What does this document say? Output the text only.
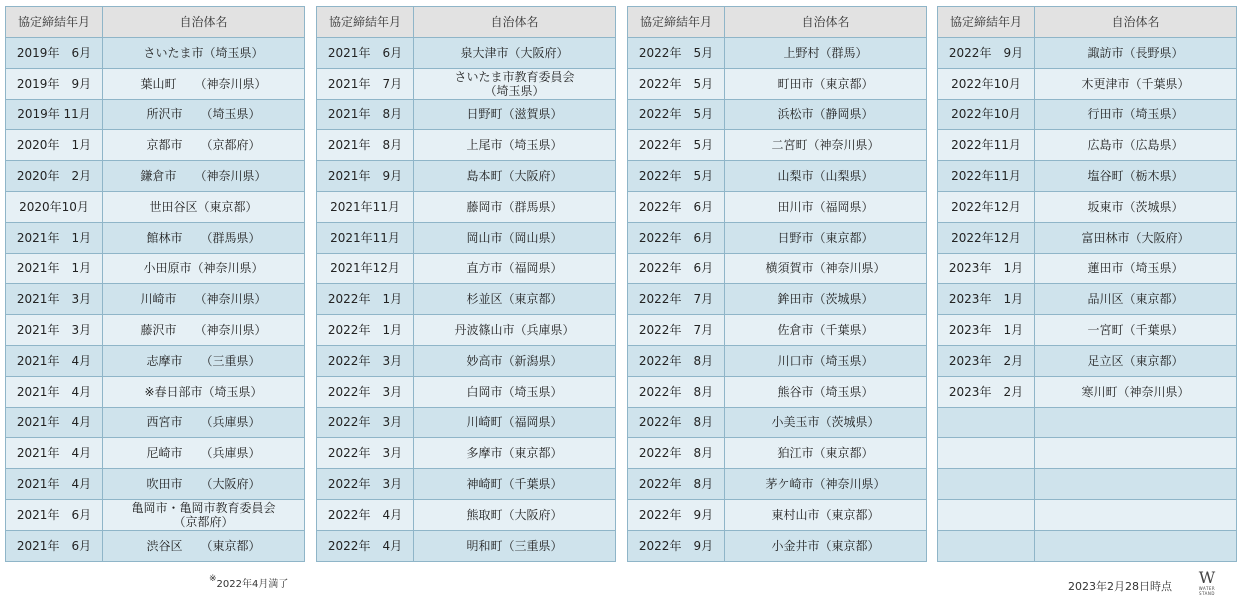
協定締結年月	自治体名
2019年　6月	さいたま市（埼玉県）
2019年　9月	葉山町　　（神奈川県）
2019年 11月	所沢市　　（埼玉県）
2020年　1月	京都市　　（京都府）
2020年　2月	鎌倉市　　（神奈川県）
2020年10月	世田谷区（東京都）
2021年　1月	館林市　　（群馬県）
2021年　1月	小田原市（神奈川県）
2021年　3月	川崎市　　（神奈川県）
2021年　3月	藤沢市　　（神奈川県）
2021年　4月	志摩市　　（三重県）
2021年　4月	※春日部市（埼玉県）
2021年　4月	西宮市　　（兵庫県）
2021年　4月	尼崎市　　（兵庫県）
2021年　4月	吹田市　　（大阪府）
2021年　6月	亀岡市・亀岡市教育委員会
（京都府）
2021年　6月	渋谷区　　（東京都）
協定締結年月	自治体名
2021年　6月	泉大津市（大阪府）
2021年　7月	さいたま市教育委員会
（埼玉県）
2021年　8月	日野町（滋賀県）
2021年　8月	上尾市（埼玉県）
2021年　9月	島本町（大阪府）
2021年11月	藤岡市（群馬県）
2021年11月	岡山市（岡山県）
2021年12月	直方市（福岡県）
2022年　1月	杉並区（東京都）
2022年　1月	丹波篠山市（兵庫県）
2022年　3月	妙高市（新潟県）
2022年　3月	白岡市（埼玉県）
2022年　3月	川崎町（福岡県）
2022年　3月	多摩市（東京都）
2022年　3月	神崎町（千葉県）
2022年　4月	熊取町（大阪府）
2022年　4月	明和町（三重県）
協定締結年月	自治体名
2022年　5月	上野村（群馬）
2022年　5月	町田市（東京都）
2022年　5月	浜松市（静岡県）
2022年　5月	二宮町（神奈川県）
2022年　5月	山梨市（山梨県）
2022年　6月	田川市（福岡県）
2022年　6月	日野市（東京都）
2022年　6月	横須賀市（神奈川県）
2022年　7月	鉾田市（茨城県）
2022年　7月	佐倉市（千葉県）
2022年　8月	川口市（埼玉県）
2022年　8月	熊谷市（埼玉県）
2022年　8月	小美玉市（茨城県）
2022年　8月	狛江市（東京都）
2022年　8月	茅ケ崎市（神奈川県）
2022年　9月	東村山市（東京都）
2022年　9月	小金井市（東京都）
協定締結年月	自治体名
2022年　9月	諏訪市（長野県）
2022年10月	木更津市（千葉県）
2022年10月	行田市（埼玉県）
2022年11月	広島市（広島県）
2022年11月	塩谷町（栃木県）
2022年12月	坂東市（茨城県）
2022年12月	富田林市（大阪府）
2023年　1月	蓮田市（埼玉県）
2023年　1月	品川区（東京都）
2023年　1月	一宮町（千葉県）
2023年　2月	足立区（東京都）
2023年　2月	寒川町（神奈川県）

※2022年4月満了	2023年2月28日時点 W
WATER STAND
